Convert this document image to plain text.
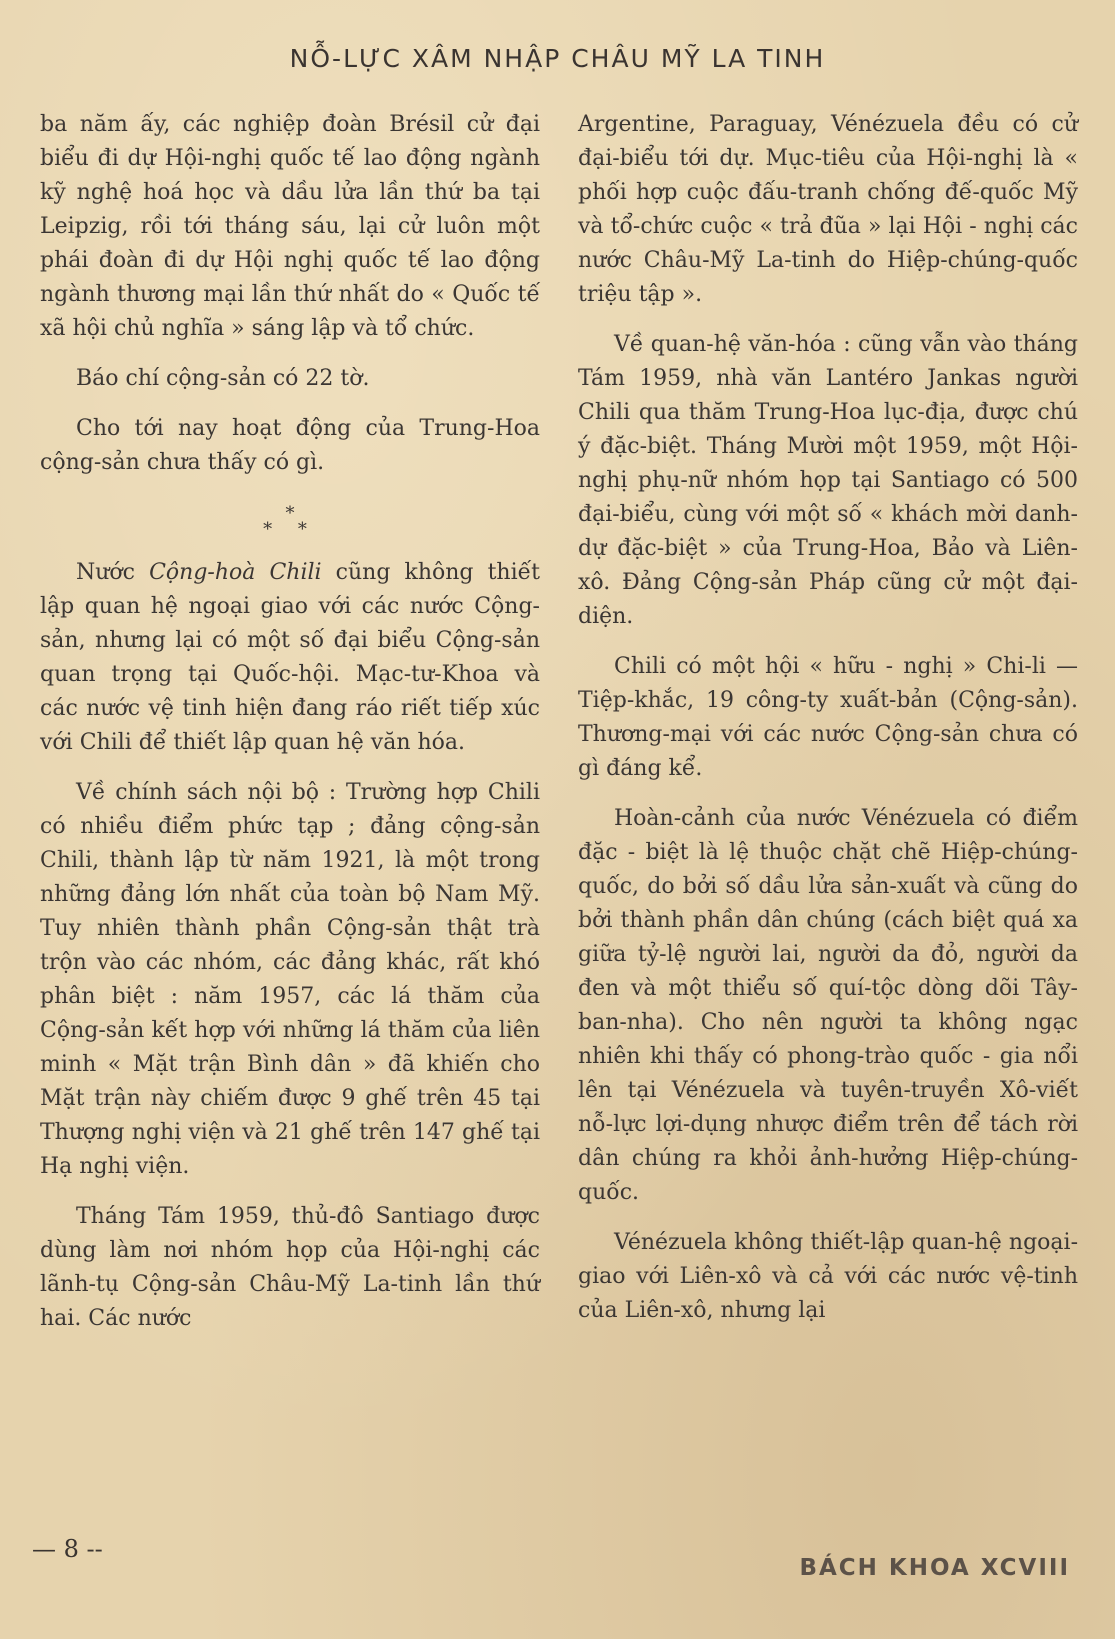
NỖ-LỰC XÂM NHẬP CHÂU MỸ LA TINH

ba năm ấy, các nghiệp đoàn Brésil cử đại biểu đi dự Hội-nghị quốc tế lao động ngành kỹ nghệ hoá học và dầu lửa lần thứ ba tại Leipzig, rồi tới tháng sáu, lại cử luôn một phái đoàn đi dự Hội nghị quốc tế lao động ngành thương mại lần thứ nhất do « Quốc tế xã hội chủ nghĩa » sáng lập và tổ chức.

Báo chí cộng-sản có 22 tờ.

Cho tới nay hoạt động của Trung-Hoa cộng-sản chưa thấy có gì.

*
* *

Nước Cộng-hoà Chili cũng không thiết lập quan hệ ngoại giao với các nước Cộng-sản, nhưng lại có một số đại biểu Cộng-sản quan trọng tại Quốc-hội. Mạc-tư-Khoa và các nước vệ tinh hiện đang ráo riết tiếp xúc với Chili để thiết lập quan hệ văn hóa.

Về chính sách nội bộ : Trường hợp Chili có nhiều điểm phức tạp ; đảng cộng-sản Chili, thành lập từ năm 1921, là một trong những đảng lớn nhất của toàn bộ Nam Mỹ. Tuy nhiên thành phần Cộng-sản thật trà trộn vào các nhóm, các đảng khác, rất khó phân biệt : năm 1957, các lá thăm của Cộng-sản kết hợp với những lá thăm của liên minh « Mặt trận Bình dân » đã khiến cho Mặt trận này chiếm được 9 ghế trên 45 tại Thượng nghị viện và 21 ghế trên 147 ghế tại Hạ nghị viện.

Tháng Tám 1959, thủ-đô Santiago được dùng làm nơi nhóm họp của Hội-nghị các lãnh-tụ Cộng-sản Châu-Mỹ La-tinh lần thứ hai. Các nước

Argentine, Paraguay, Vénézuela đều có cử đại-biểu tới dự. Mục-tiêu của Hội-nghị là « phối hợp cuộc đấu-tranh chống đế-quốc Mỹ và tổ-chức cuộc « trả đũa » lại Hội - nghị các nước Châu-Mỹ La-tinh do Hiệp-chúng-quốc triệu tập ».

Về quan-hệ văn-hóa : cũng vẫn vào tháng Tám 1959, nhà văn Lantéro Jankas người Chili qua thăm Trung-Hoa lục-địa, được chú ý đặc-biệt. Tháng Mười một 1959, một Hội-nghị phụ-nữ nhóm họp tại Santiago có 500 đại-biểu, cùng với một số « khách mời danh-dự đặc-biệt » của Trung-Hoa, Bảo và Liên-xô. Đảng Cộng-sản Pháp cũng cử một đại-diện.

Chili có một hội « hữu - nghị » Chi-li — Tiệp-khắc, 19 công-ty xuất-bản (Cộng-sản). Thương-mại với các nước Cộng-sản chưa có gì đáng kể.

Hoàn-cảnh của nước Vénézuela có điểm đặc - biệt là lệ thuộc chặt chẽ Hiệp-chúng-quốc, do bởi số dầu lửa sản-xuất và cũng do bởi thành phần dân chúng (cách biệt quá xa giữa tỷ-lệ người lai, người da đỏ, người da đen và một thiểu số quí-tộc dòng dõi Tây-ban-nha). Cho nên người ta không ngạc nhiên khi thấy có phong-trào quốc - gia nổi lên tại Vénézuela và tuyên-truyền Xô-viết nỗ-lực lợi-dụng nhược điểm trên để tách rời dân chúng ra khỏi ảnh-hưởng Hiệp-chúng-quốc.

Vénézuela không thiết-lập quan-hệ ngoại-giao với Liên-xô và cả với các nước vệ-tinh của Liên-xô, nhưng lại

— 8 --
BÁCH KHOA XCVIII
